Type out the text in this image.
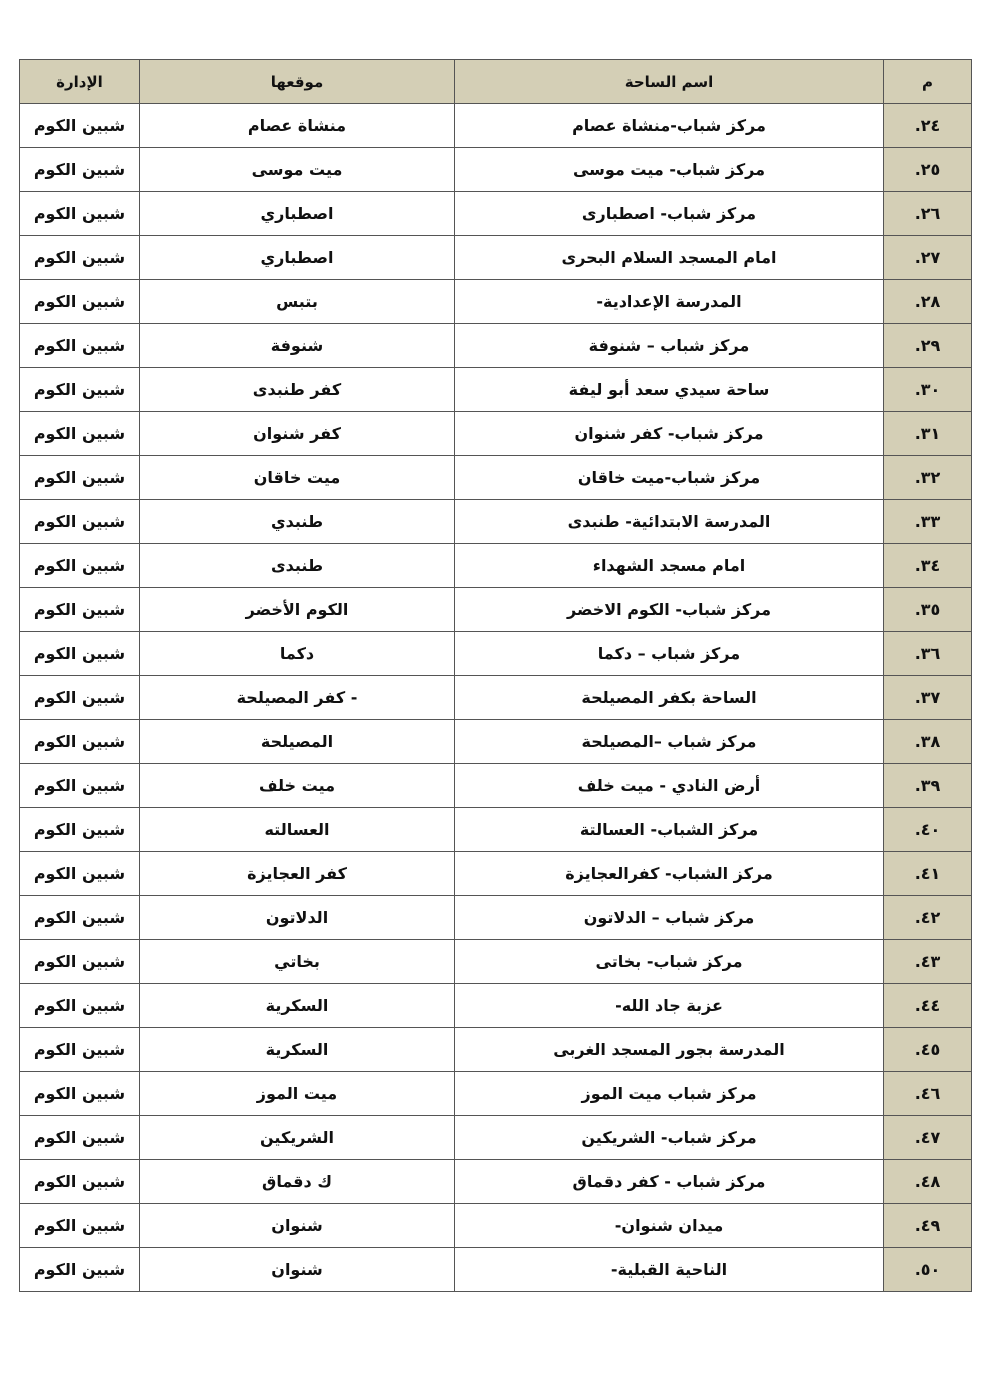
م	اسم الساحة	موقعها	الإدارة
٢٤.	مركز شباب-منشاة عصام	منشاة عصام	شبين الكوم
٢٥.	مركز شباب- ميت موسى	ميت موسى	شبين الكوم
٢٦.	مركز شباب- اصطبارى	اصطباري	شبين الكوم
٢٧.	امام المسجد السلام البحرى	اصطباري	شبين الكوم
٢٨.	المدرسة الإعدادية-	بتبس	شبين الكوم
٢٩.	مركز شباب – شنوفة	شنوفة	شبين الكوم
٣٠.	ساحة سيدي سعد أبو ليفة	كفر طنبدى	شبين الكوم
٣١.	مركز شباب- كفر شنوان	كفر شنوان	شبين الكوم
٣٢.	مركز شباب-ميت خاقان	ميت خاقان	شبين الكوم
٣٣.	المدرسة الابتدائية- طنبدى	طنبدي	شبين الكوم
٣٤.	امام مسجد الشهداء	طنبدى	شبين الكوم
٣٥.	مركز شباب- الكوم الاخضر	الكوم الأخضر	شبين الكوم
٣٦.	مركز شباب – دكما	دكما	شبين الكوم
٣٧.	الساحة بكفر المصيلحة	- كفر المصيلحة	شبين الكوم
٣٨.	مركز شباب –المصيلحة	المصيلحة	شبين الكوم
٣٩.	أرض النادي - ميت خلف	ميت خلف	شبين الكوم
٤٠.	مركز الشباب- العسالتة	العسالته	شبين الكوم
٤١.	مركز الشباب- كفرالعجايزة	كفر العجايزة	شبين الكوم
٤٢.	مركز شباب – الدلاتون	الدلاتون	شبين الكوم
٤٣.	مركز شباب- بخاتى	بخاتي	شبين الكوم
٤٤.	عزبة جاد الله-	السكرية	شبين الكوم
٤٥.	المدرسة بجور المسجد الغربى	السكرية	شبين الكوم
٤٦.	مركز شباب ميت الموز	ميت الموز	شبين الكوم
٤٧.	مركز شباب- الشريكين	الشريكين	شبين الكوم
٤٨.	مركز شباب - كفر دقماق	ك دقماق	شبين الكوم
٤٩.	ميدان شنوان-	شنوان	شبين الكوم
٥٠.	الناحية القبلية-	شنوان	شبين الكوم
